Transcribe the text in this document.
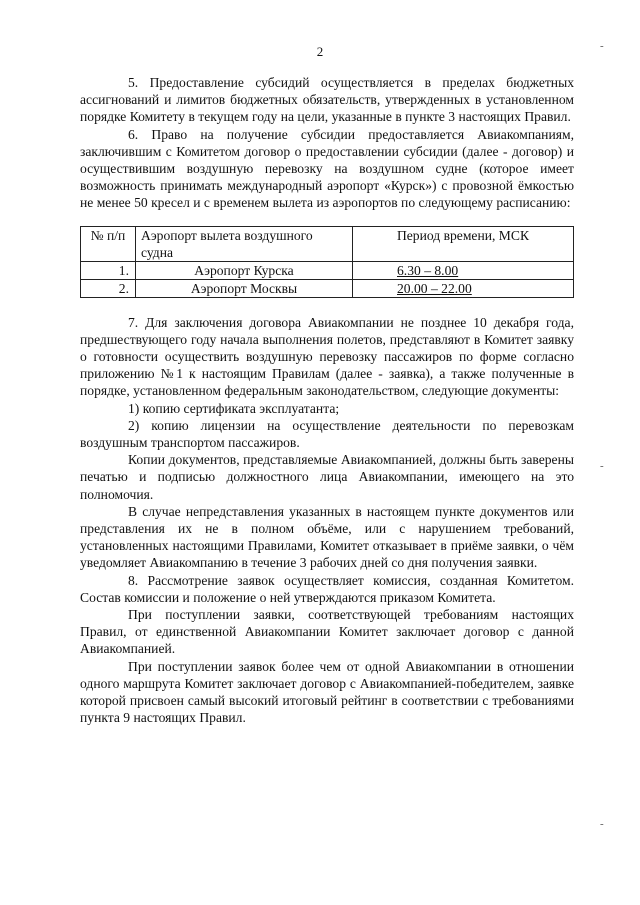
2	-
-
-

5. Предоставление субсидий осуществляется в пределах бюджетных ассигнований и лимитов бюджетных обязательств, утвержденных в установленном порядке Комитету в текущем году на цели, указанные в пункте 3 настоящих Правил.

6. Право на получение субсидии предоставляется Авиакомпаниям, заключившим с Комитетом договор о предоставлении субсидии (далее - договор) и осуществившим воздушную перевозку на воздушном судне (которое имеет возможность принимать международный аэропорт «Курск») с провозной ёмкостью не менее 50 кресел и с временем вылета из аэропортов по следующему расписанию:

№ п/п	Аэропорт вылета воздушного судна	Период времени, МСК
1.	Аэропорт Курска	6.30 – 8.00
2.	Аэропорт Москвы	20.00 – 22.00

7. Для заключения договора Авиакомпании не позднее 10 декабря года, предшествующего году начала выполнения полетов, представляют в Комитет заявку о готовности осуществить воздушную перевозку пассажиров по форме согласно приложению №1 к настоящим Правилам (далее - заявка), а также полученные в порядке, установленном федеральным законодательством, следующие документы:

1) копию сертификата эксплуатанта;

2) копию лицензии на осуществление деятельности по перевозкам воздушным транспортом пассажиров.

Копии документов, представляемые Авиакомпанией, должны быть заверены печатью и подписью должностного лица Авиакомпании, имеющего на это полномочия.

В случае непредставления указанных в настоящем пункте документов или представления их не в полном объёме, или с нарушением требований, установленных настоящими Правилами, Комитет отказывает в приёме заявки, о чём уведомляет Авиакомпанию в течение 3 рабочих дней со дня получения заявки.

8. Рассмотрение заявок осуществляет комиссия, созданная Комитетом. Состав комиссии и положение о ней утверждаются приказом Комитета.

При поступлении заявки, соответствующей требованиям настоящих Правил, от единственной Авиакомпании Комитет заключает договор с данной Авиакомпанией.

При поступлении заявок более чем от одной Авиакомпании в отношении одного маршрута Комитет заключает договор с Авиакомпанией-победителем, заявке которой присвоен самый высокий итоговый рейтинг в соответствии с требованиями пункта 9 настоящих Правил.
